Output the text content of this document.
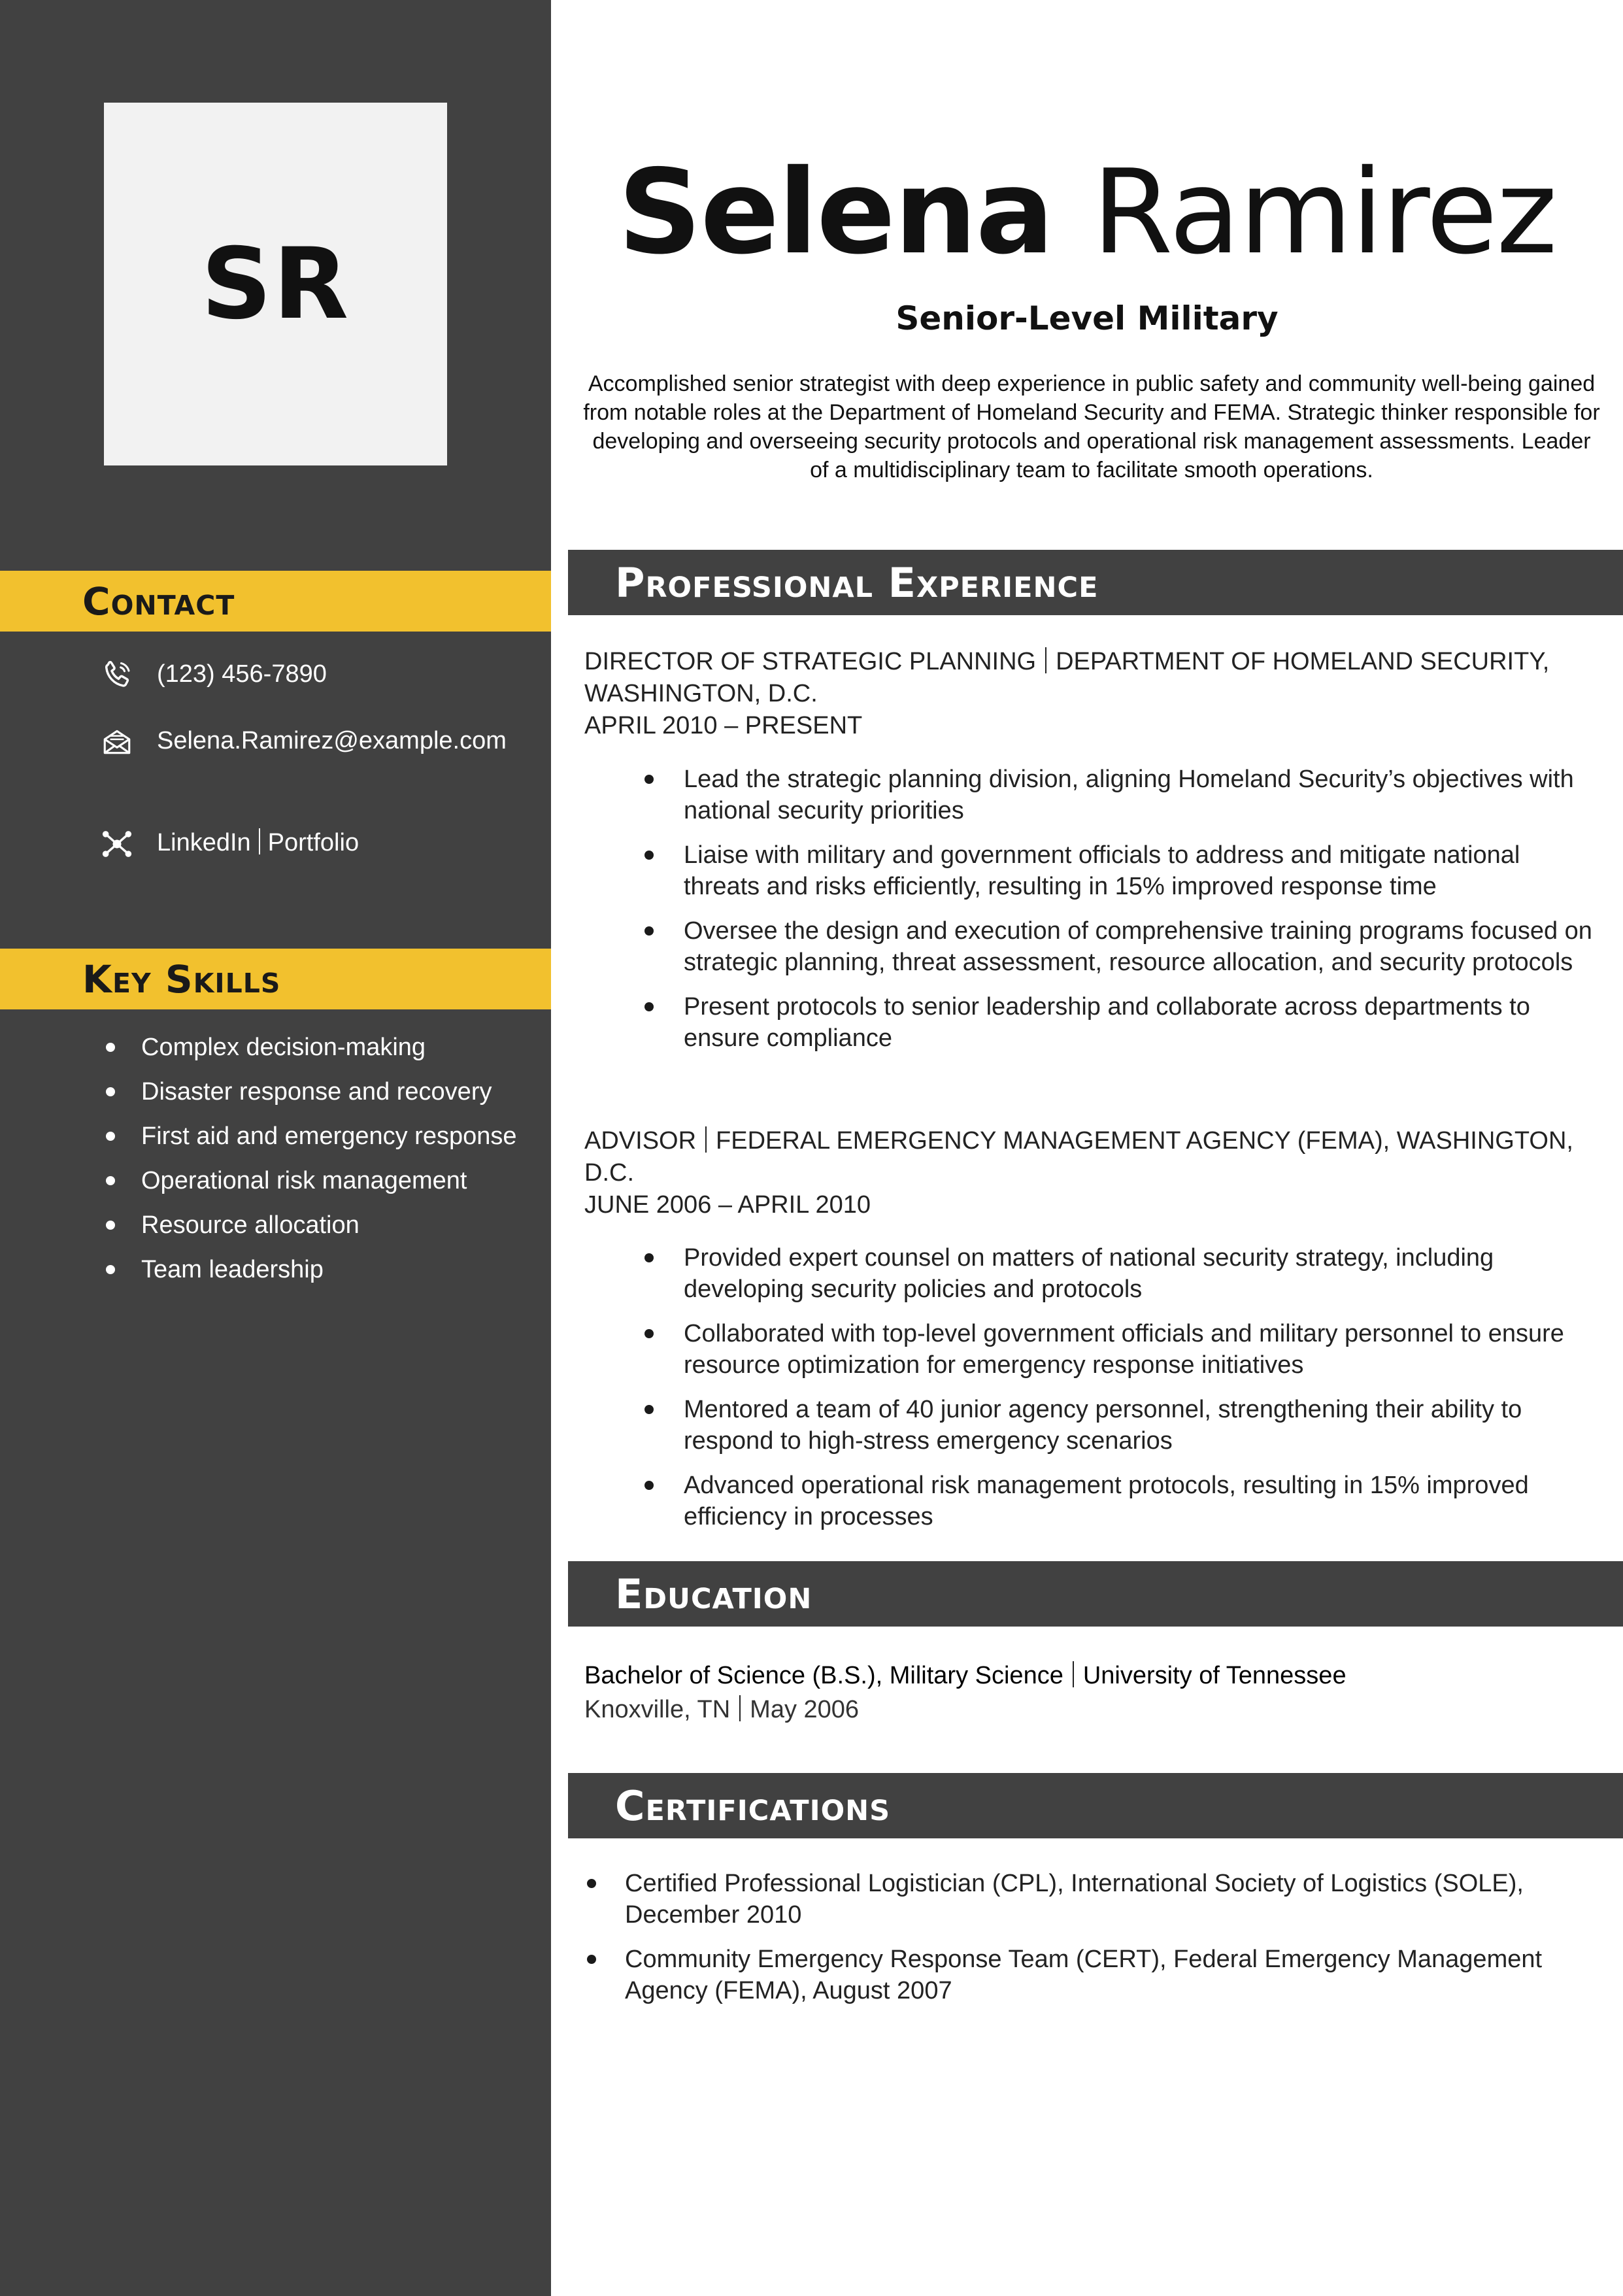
SR
Contact
(123) 456-7890
Selena.Ramirez@example.com
LinkedIn Portfolio
Key Skills
Complex decision-making
Disaster response and recovery
First aid and emergency response
Operational risk management
Resource allocation
Team leadership
Selena Ramirez
Senior-Level Military

Accomplished senior strategist with deep experience in public safety and community well-being gained from notable roles at the Department of Homeland Security and FEMA. Strategic thinker responsible for developing and overseeing security protocols and operational risk management assessments. Leader of a multidisciplinary team to facilitate smooth operations.

Professional Experience
DIRECTOR OF STRATEGIC PLANNING DEPARTMENT OF HOMELAND SECURITY, WASHINGTON, D.C.
APRIL 2010 – PRESENT
Lead the strategic planning division, aligning Homeland Security’s objectives with national security priorities
Liaise with military and government officials to address and mitigate national threats and risks efficiently, resulting in 15% improved response time
Oversee the design and execution of comprehensive training programs focused on strategic planning, threat assessment, resource allocation, and security protocols
Present protocols to senior leadership and collaborate across departments to ensure compliance
ADVISOR FEDERAL EMERGENCY MANAGEMENT AGENCY (FEMA), WASHINGTON, D.C.
JUNE 2006 – APRIL 2010
Provided expert counsel on matters of national security strategy, including developing security policies and protocols
Collaborated with top-level government officials and military personnel to ensure resource optimization for emergency response initiatives
Mentored a team of 40 junior agency personnel, strengthening their ability to respond to high-stress emergency scenarios
Advanced operational risk management protocols, resulting in 15% improved efficiency in processes
Education
Bachelor of Science (B.S.), Military Science University of Tennessee
Knoxville, TN May 2006
Certifications
Certified Professional Logistician (CPL), International Society of Logistics (SOLE), December 2010
Community Emergency Response Team (CERT), Federal Emergency Management Agency (FEMA), August 2007
